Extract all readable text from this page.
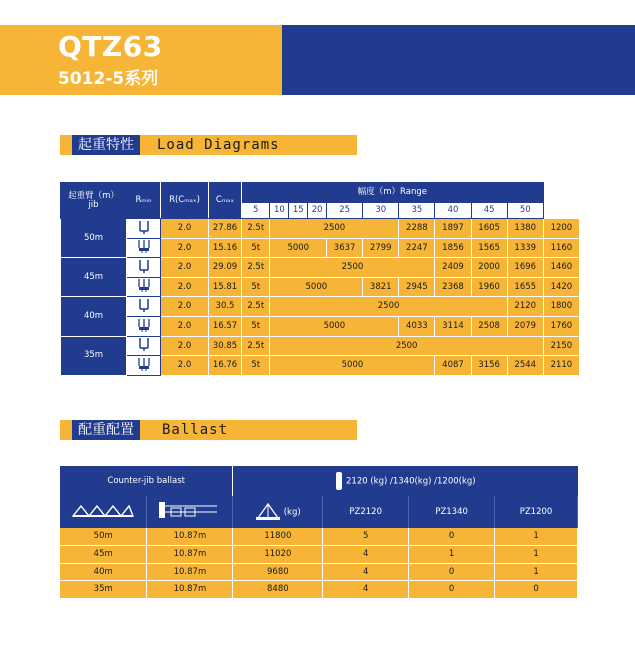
QTZ63
5012-5系列
起重特性	Load Diagrams
起重臂（m）
jib	Rₘᵢₙ	R(Cₘₐₓ)	Cₘₐₓ	幅度（m）Range										
				5	10	15	20	25	30	35	40	45	50	
50m		2.0	27.86	2.5t	2500					2288	1897	1605	1380	1200
	2.0	15.16	5t	5000			3637	2799	2247	1856	1565	1339	1160
45m		2.0	29.09	2.5t	2500						2409	2000	1696	1460
	2.0	15.81	5t	5000				3821	2945	2368	1960	1655	1420
40m		2.0	30.5	2.5t	2500								2120	1800
	2.0	16.57	5t	5000					4033	3114	2508	2079	1760
35m		2.0	30.85	2.5t	2500									2150
	2.0	16.76	5t	5000						4087	3156	2544	2110
配重配置	Ballast
Counter-jib ballast		2120 (kg) /1340(kg) /1200(kg)			
		(kg)	PZ2120	PZ1340	PZ1200
50m	10.87m	11800	5	0	1
45m	10.87m	11020	4	1	1
40m	10.87m	9680	4	0	1
35m	10.87m	8480	4	0	0
